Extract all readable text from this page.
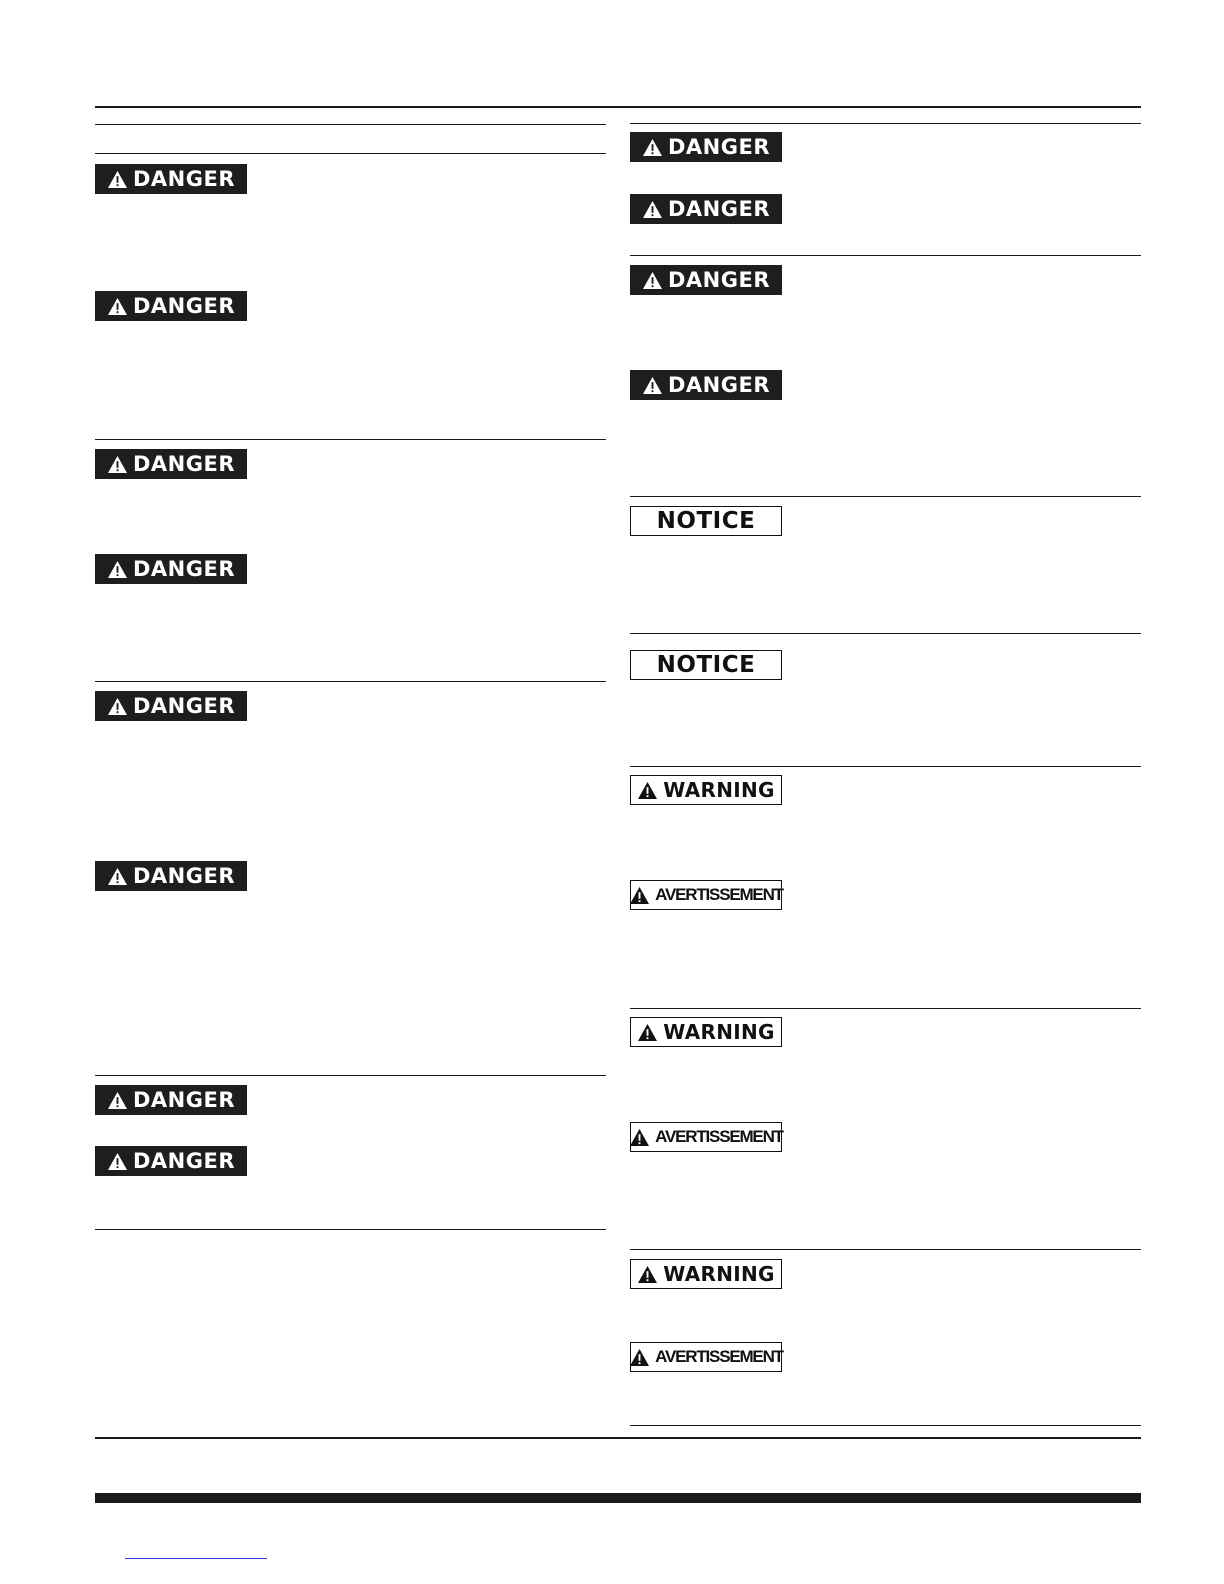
DANGER
DANGER
DANGER
DANGER
DANGER
DANGER
DANGER
DANGER
DANGER
DANGER
DANGER
DANGER
NOTICE
NOTICE
WARNING
AVERTISSEMENT
WARNING
AVERTISSEMENT
WARNING
AVERTISSEMENT
